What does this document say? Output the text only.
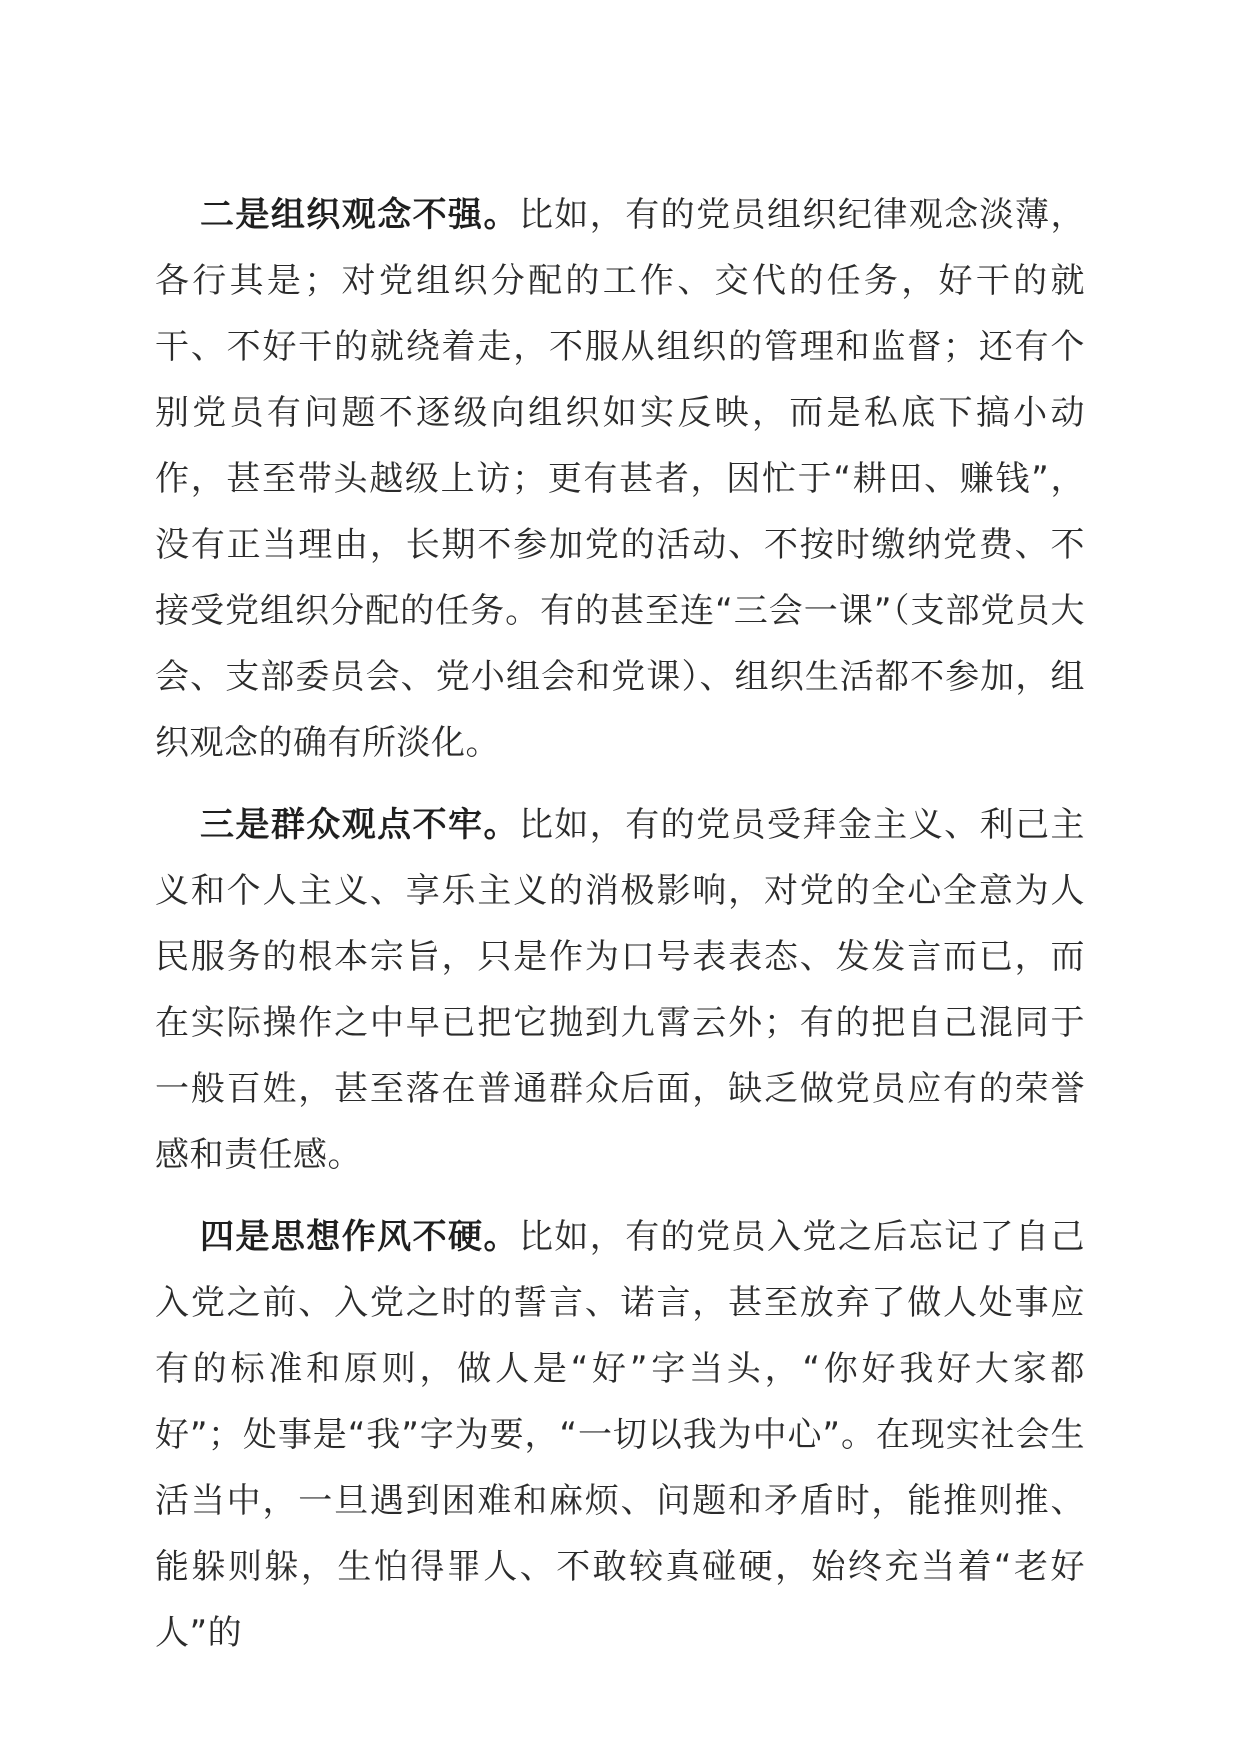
二是组织观念不强。比如，有的党员组织纪律观念淡薄，各行其是；对党组织分配的工作、交代的任务，好干的就干、不好干的就绕着走，不服从组织的管理和监督；还有个别党员有问题不逐级向组织如实反映，而是私底下搞小动作，甚至带头越级上访；更有甚者，因忙于“耕田、赚钱”，没有正当理由，长期不参加党的活动、不按时缴纳党费、不接受党组织分配的任务。有的甚至连“三会一课”（支部党员大会、支部委员会、党小组会和党课）、组织生活都不参加，组织观念的确有所淡化。

三是群众观点不牢。比如，有的党员受拜金主义、利己主义和个人主义、享乐主义的消极影响，对党的全心全意为人民服务的根本宗旨，只是作为口号表表态、发发言而已，而在实际操作之中早已把它抛到九霄云外；有的把自己混同于一般百姓，甚至落在普通群众后面，缺乏做党员应有的荣誉感和责任感。

四是思想作风不硬。比如，有的党员入党之后忘记了自己入党之前、入党之时的誓言、诺言，甚至放弃了做人处事应有的标准和原则，做人是“好”字当头，“你好我好大家都好”；处事是“我”字为要，“一切以我为中心”。在现实社会生活当中，一旦遇到困难和麻烦、问题和矛盾时，能推则推、能躲则躲，生怕得罪人、不敢较真碰硬，始终充当着“老好人”的
